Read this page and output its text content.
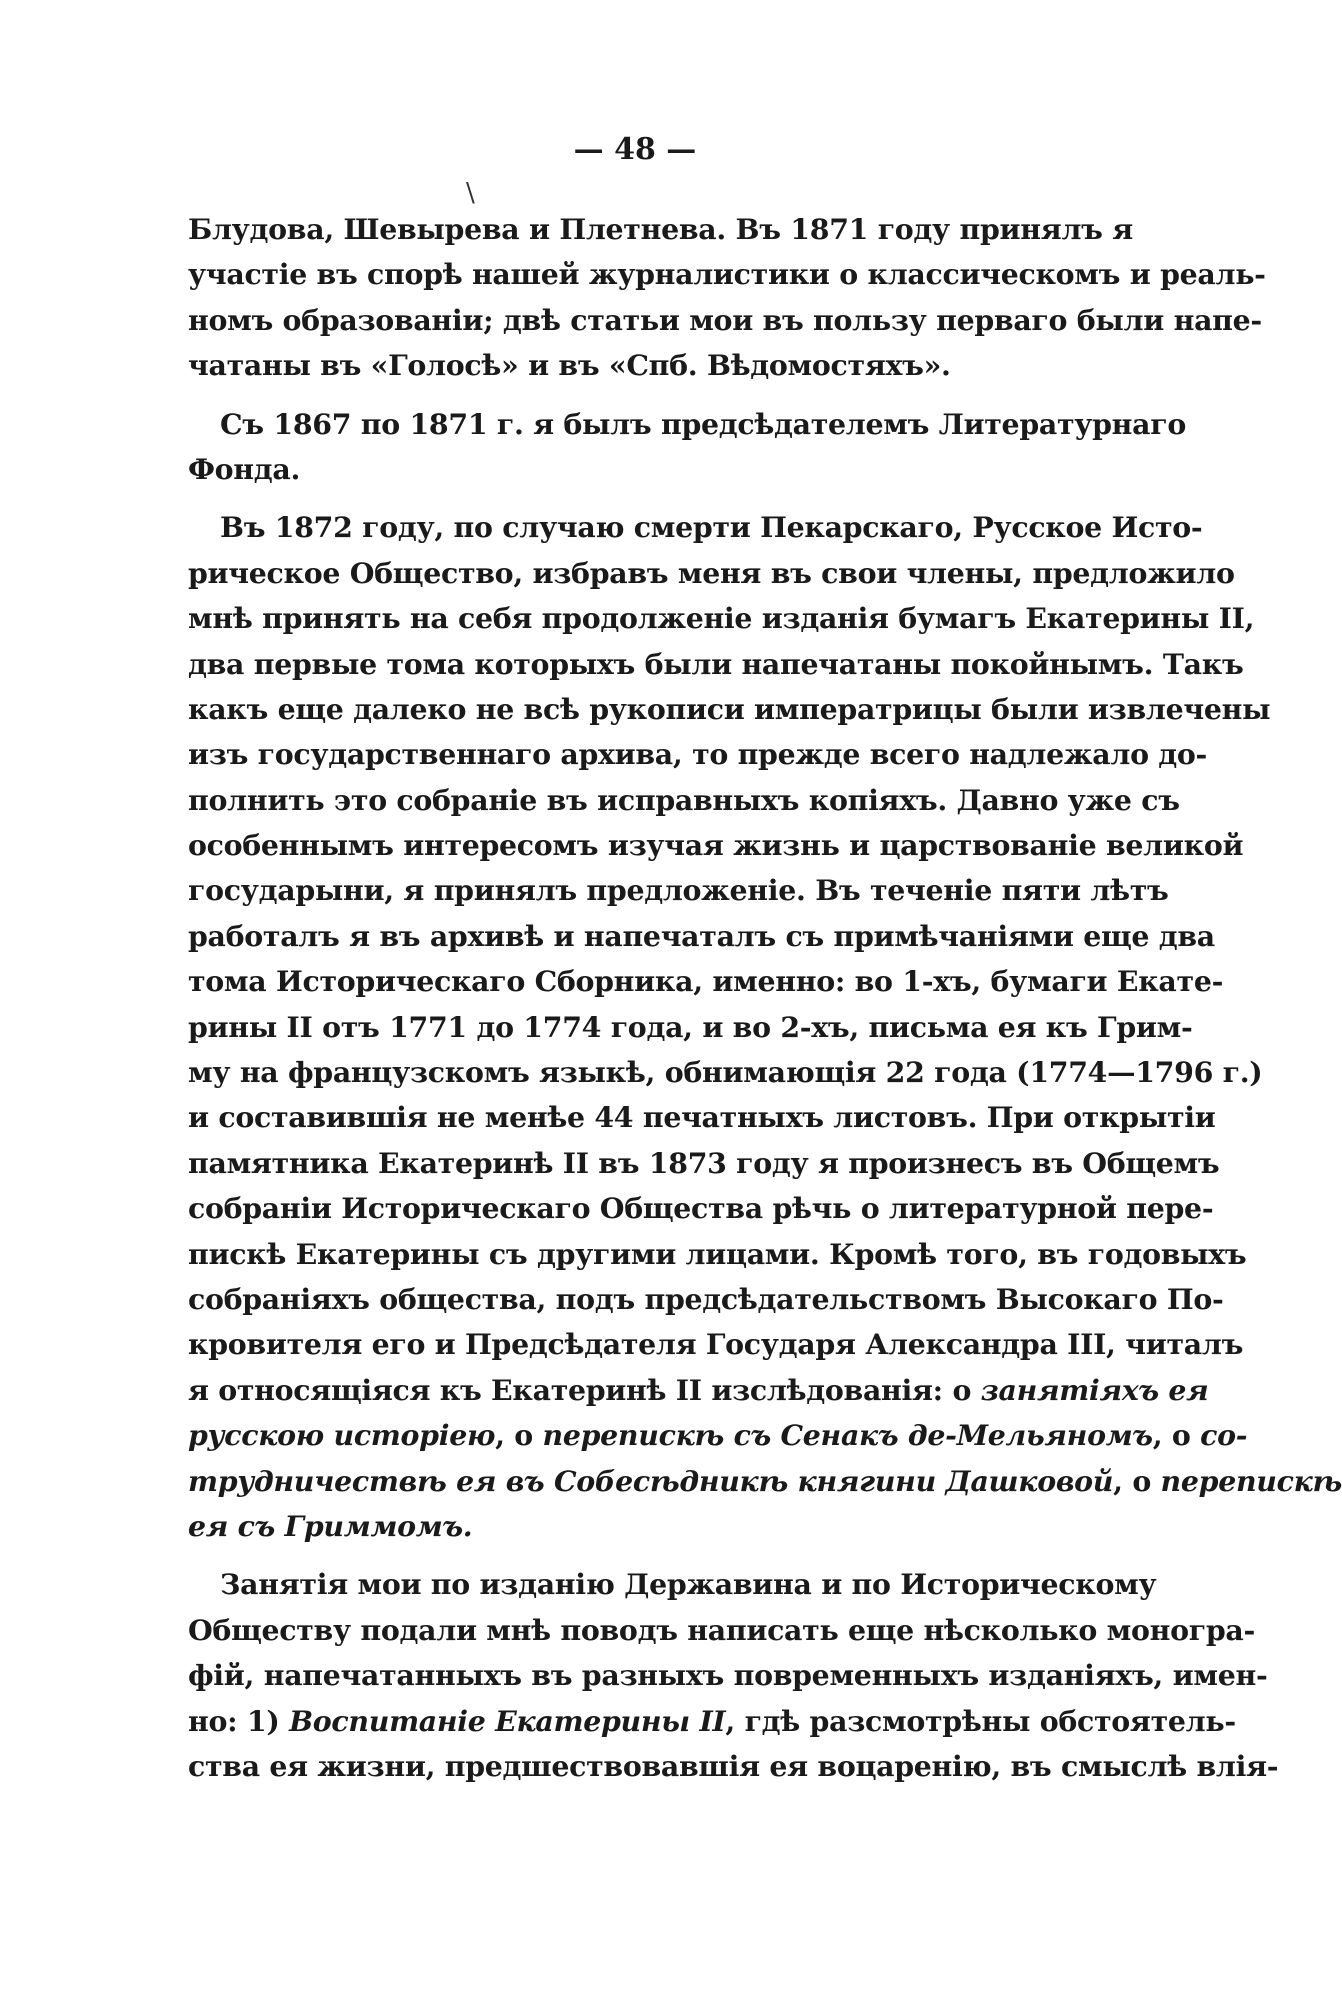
— 48 —
\

Блудова, Шевырева и Плетнева. Въ 1871 году принялъ я
участіе въ спорѣ нашей журналистики о классическомъ и реаль-
номъ образованіи; двѣ статьи мои въ пользу перваго были напе-
чатаны въ «Голосѣ» и въ «Спб. Вѣдомостяхъ».

Съ 1867 по 1871 г. я былъ предсѣдателемъ Литературнаго
Фонда.

Въ 1872 году, по случаю смерти Пекарскаго, Русское Исто-
рическое Общество, избравъ меня въ свои члены, предложило
мнѣ принять на себя продолженіе изданія бумагъ Екатерины II,
два первые тома которыхъ были напечатаны покойнымъ. Такъ
какъ еще далеко не всѣ рукописи императрицы были извлечены
изъ государственнаго архива, то прежде всего надлежало до-
полнить это собраніе въ исправныхъ копіяхъ. Давно уже съ
особеннымъ интересомъ изучая жизнь и царствованіе великой
государыни, я принялъ предложеніе. Въ теченіе пяти лѣтъ
работалъ я въ архивѣ и напечаталъ съ примѣчаніями еще два
тома Историческаго Сборника, именно: во 1-хъ, бумаги Екате-
рины II отъ 1771 до 1774 года, и во 2-хъ, письма ея къ Грим-
му на французскомъ языкѣ, обнимающія 22 года (1774—1796 г.)
и составившія не менѣе 44 печатныхъ листовъ. При открытіи
памятника Екатеринѣ II въ 1873 году я произнесъ въ Общемъ
собраніи Историческаго Общества рѣчь о литературной пере-
пискѣ Екатерины съ другими лицами. Кромѣ того, въ годовыхъ
собраніяхъ общества, подъ предсѣдательствомъ Высокаго По-
кровителя его и Предсѣдателя Государя Александра III, читалъ
я относящіяся къ Екатеринѣ II изслѣдованія: о занятіяхъ ея
русскою исторіею, о перепискѣ съ Сенакъ де-Мельяномъ, о со-
трудничествѣ ея въ Собесѣдникѣ княгини Дашковой, о перепискѣ
ея съ Гриммомъ.

Занятія мои по изданію Державина и по Историческому
Обществу подали мнѣ поводъ написать еще нѣсколько моногра-
фій, напечатанныхъ въ разныхъ повременныхъ изданіяхъ, имен-
но: 1) Воспитаніе Екатерины II, гдѣ разсмотрѣны обстоятель-
ства ея жизни, предшествовавшія ея воцаренію, въ смыслѣ влія-
